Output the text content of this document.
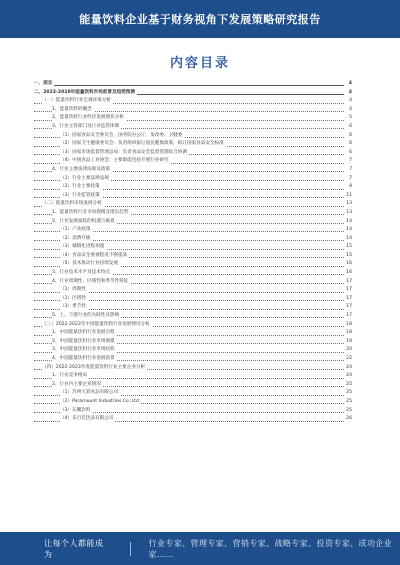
能量饮料企业基于财务视角下发展策略研究报告
内容目录
一、前言	4
二、2023-2028年能量饮料市场前景及趋势预测	4
（一）能量饮料行业宏观环境分析	4
1、能量饮料的概念	4
2、能量饮料行业经济发展现状分析	5
3、行业主管部门及行业监管体制	6
（1）国家食品安全委员会、国务院办公厅、发改委、卫健委	6
（2）国家卫生健康委员会：负责组织拟订国民健康政策，拟订国家食品安全标准	6
（3）国家市场监督管理总局：负责食品安全监督管理综合协调	6
（4）中国食品工业协会：主要职能包括开展行业研究	7
4、行业主要法律法规及政策	7
（1）行业主要法律法规	7
（2）行业主要政策	8
（3）行业监管政策	11
（二）能量饮料市场发展分析	13
1、能量饮料行业市场规模及增长趋势	13
2、行业发展面临的机遇与挑战	14
（1）产业政策	14
（2）消费升级	14
（3）城镇化进程加速	15
（4）食品安全重视程度不断提高	15
（5）技术推动行业持续发展	16
3、行业技术水平及技术特点	16
4、行业周期性、区域性和季节性特征	17
（1）周期性	17
（2）区域性	17
（3）季节性	17
5、上、下游行业的关联性及影响	17
（三）2022-2023年中国能量饮料行业发展情况分析	18
1、中国能量饮料行业发展历程	18
2、中国能量饮料行业市场规模	19
3、中国能量饮料行业市场结构	20
4、中国能量饮料行业发展前景	22
（四）2022-2023年度能量饮料行业主要企业分析	24
1、行业竞争格局	24
2、行业内主要企业情况	25
（1）苏州天彩食品有限公司	25
（2）Paramount Industries Co.,Ltd	25
（3）东鹏饮料	25
（4）乐百氏饮品有限公司	26
让每个人都能成为
行业专家、管理专家、营销专家、战略专家、投资专家、成功企业家……
